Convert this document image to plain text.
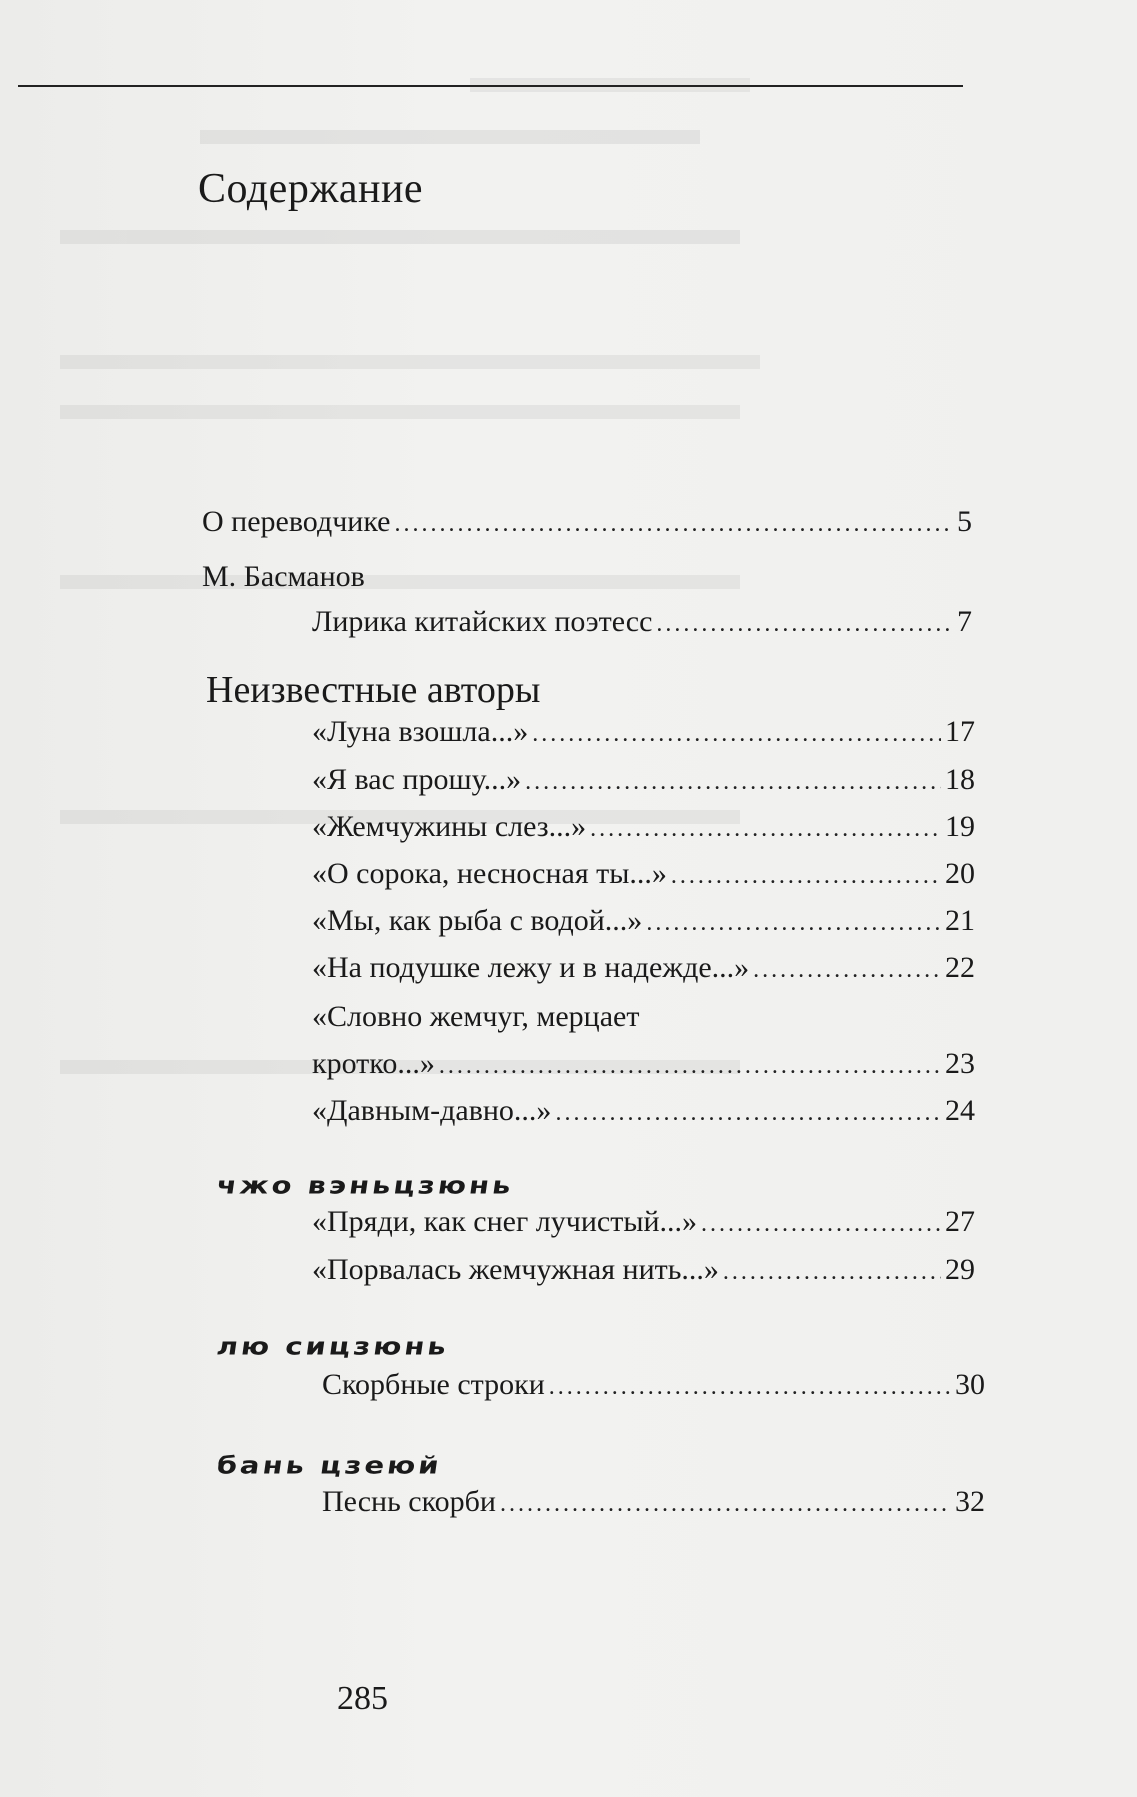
Содержание
О переводчике .....	5
М. Басманов
Лирика китайских поэтесс .....	7
Неизвестные авторы
«Луна взошла...» .....	17
«Я вас прошу...» .....	18
«Жемчужины слез...» .....	19
«О сорока, несносная ты...» .....	20
«Мы, как рыба с водой...» .....	21
«На подушке лежу и в надежде...» .....	22
«Словно жемчуг, мерцает
кротко...» .....	23
«Давным-давно...» .....	24
чжо вэньцзюнь
«Пряди, как снег лучистый...» .....	27
«Порвалась жемчужная нить...» .....	29
лю сицзюнь
Скорбные строки .....	30
бань цзеюй
Песнь скорби .....	32
285
